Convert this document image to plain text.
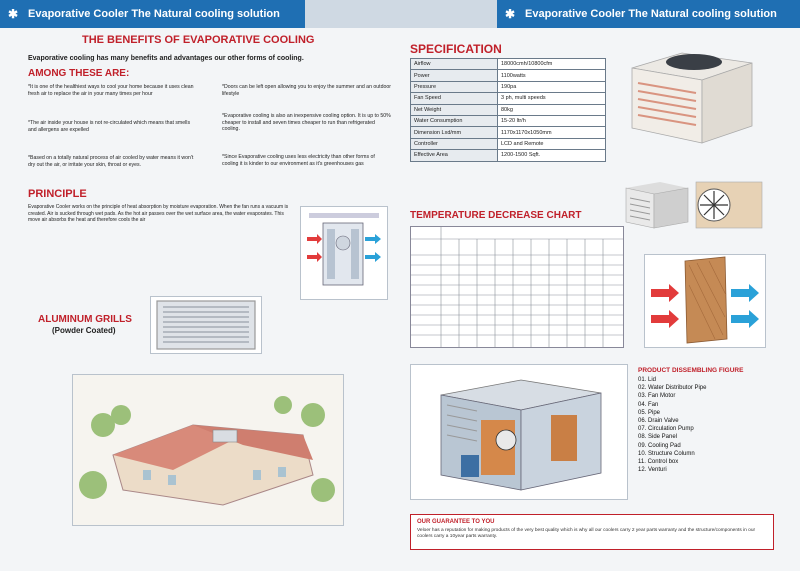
✱ Evaporative Cooler The Natural cooling solution	✱ Evaporative Cooler The Natural cooling solution
THE BENEFITS OF EVAPORATIVE COOLING
Evaporative cooling has many benefits and advantages our other forms of cooling.
AMONG THESE ARE:
*It is one of the healthiest ways to cool your home because it uses clean fresh air to replace the air in your many times per hour
*The air inside your house is not re-circulated which means that smells and allergens are expelled
*Based on a totally natural process of air cooled by water means it won't dry out the air, or irritate your skin, throat or eyes.
*Doors can be left open allowing you to enjoy the summer and an outdoor lifestyle
*Evaporative cooling is also an inexpensive cooling option. It is up to 50% cheaper to install and seven times cheaper to run than refrigerated cooling.
*Since Evaporative cooling uses less electricity than other forms of cooling it is kinder to our environment as it's greenhouses gas
PRINCIPLE
Evaporative Cooler works on the principle of heat absorption by moisture evaporation. When the fan runs a vacuum is created. Air is sucked through wet pads. As the hot air passes over the wet surface area, the water evaporates. This move air absorbs the heat and therefore cools the air
ALUMINUM GRILLS
(Powder Coated)
SPECIFICATION
Airflow	18000cmh/10800cfm
Power	1100watts
Pressure	190pa
Fan Speed	3 ph, multi speeds
Net Weight	80kg
Water Consumption	15-20 ltr/h
Dimension Lxd/mm	1170x1170x1050mm
Controller	LCD and Remote
Effective Area	1200-1500 Sqft.
TEMPERATURE DECREASE CHART
PRODUCT DISSEMBLING FIGURE
01. Lid
02. Water Distributor Pipe
03. Fan Motor
04. Fan
05. Pipe
06. Drain Valve
07. Circulation Pump
08. Side Panel
09. Cooling Pad
10. Structure Column
11. Control box
12. Venturi
OUR GUARANTEE TO YOU
Veloer has a reputation for making products of the very best quality which is why all our coolers carry 2 year parts warranty and the structure/components in our coolers carry a 10year parts warranty.
